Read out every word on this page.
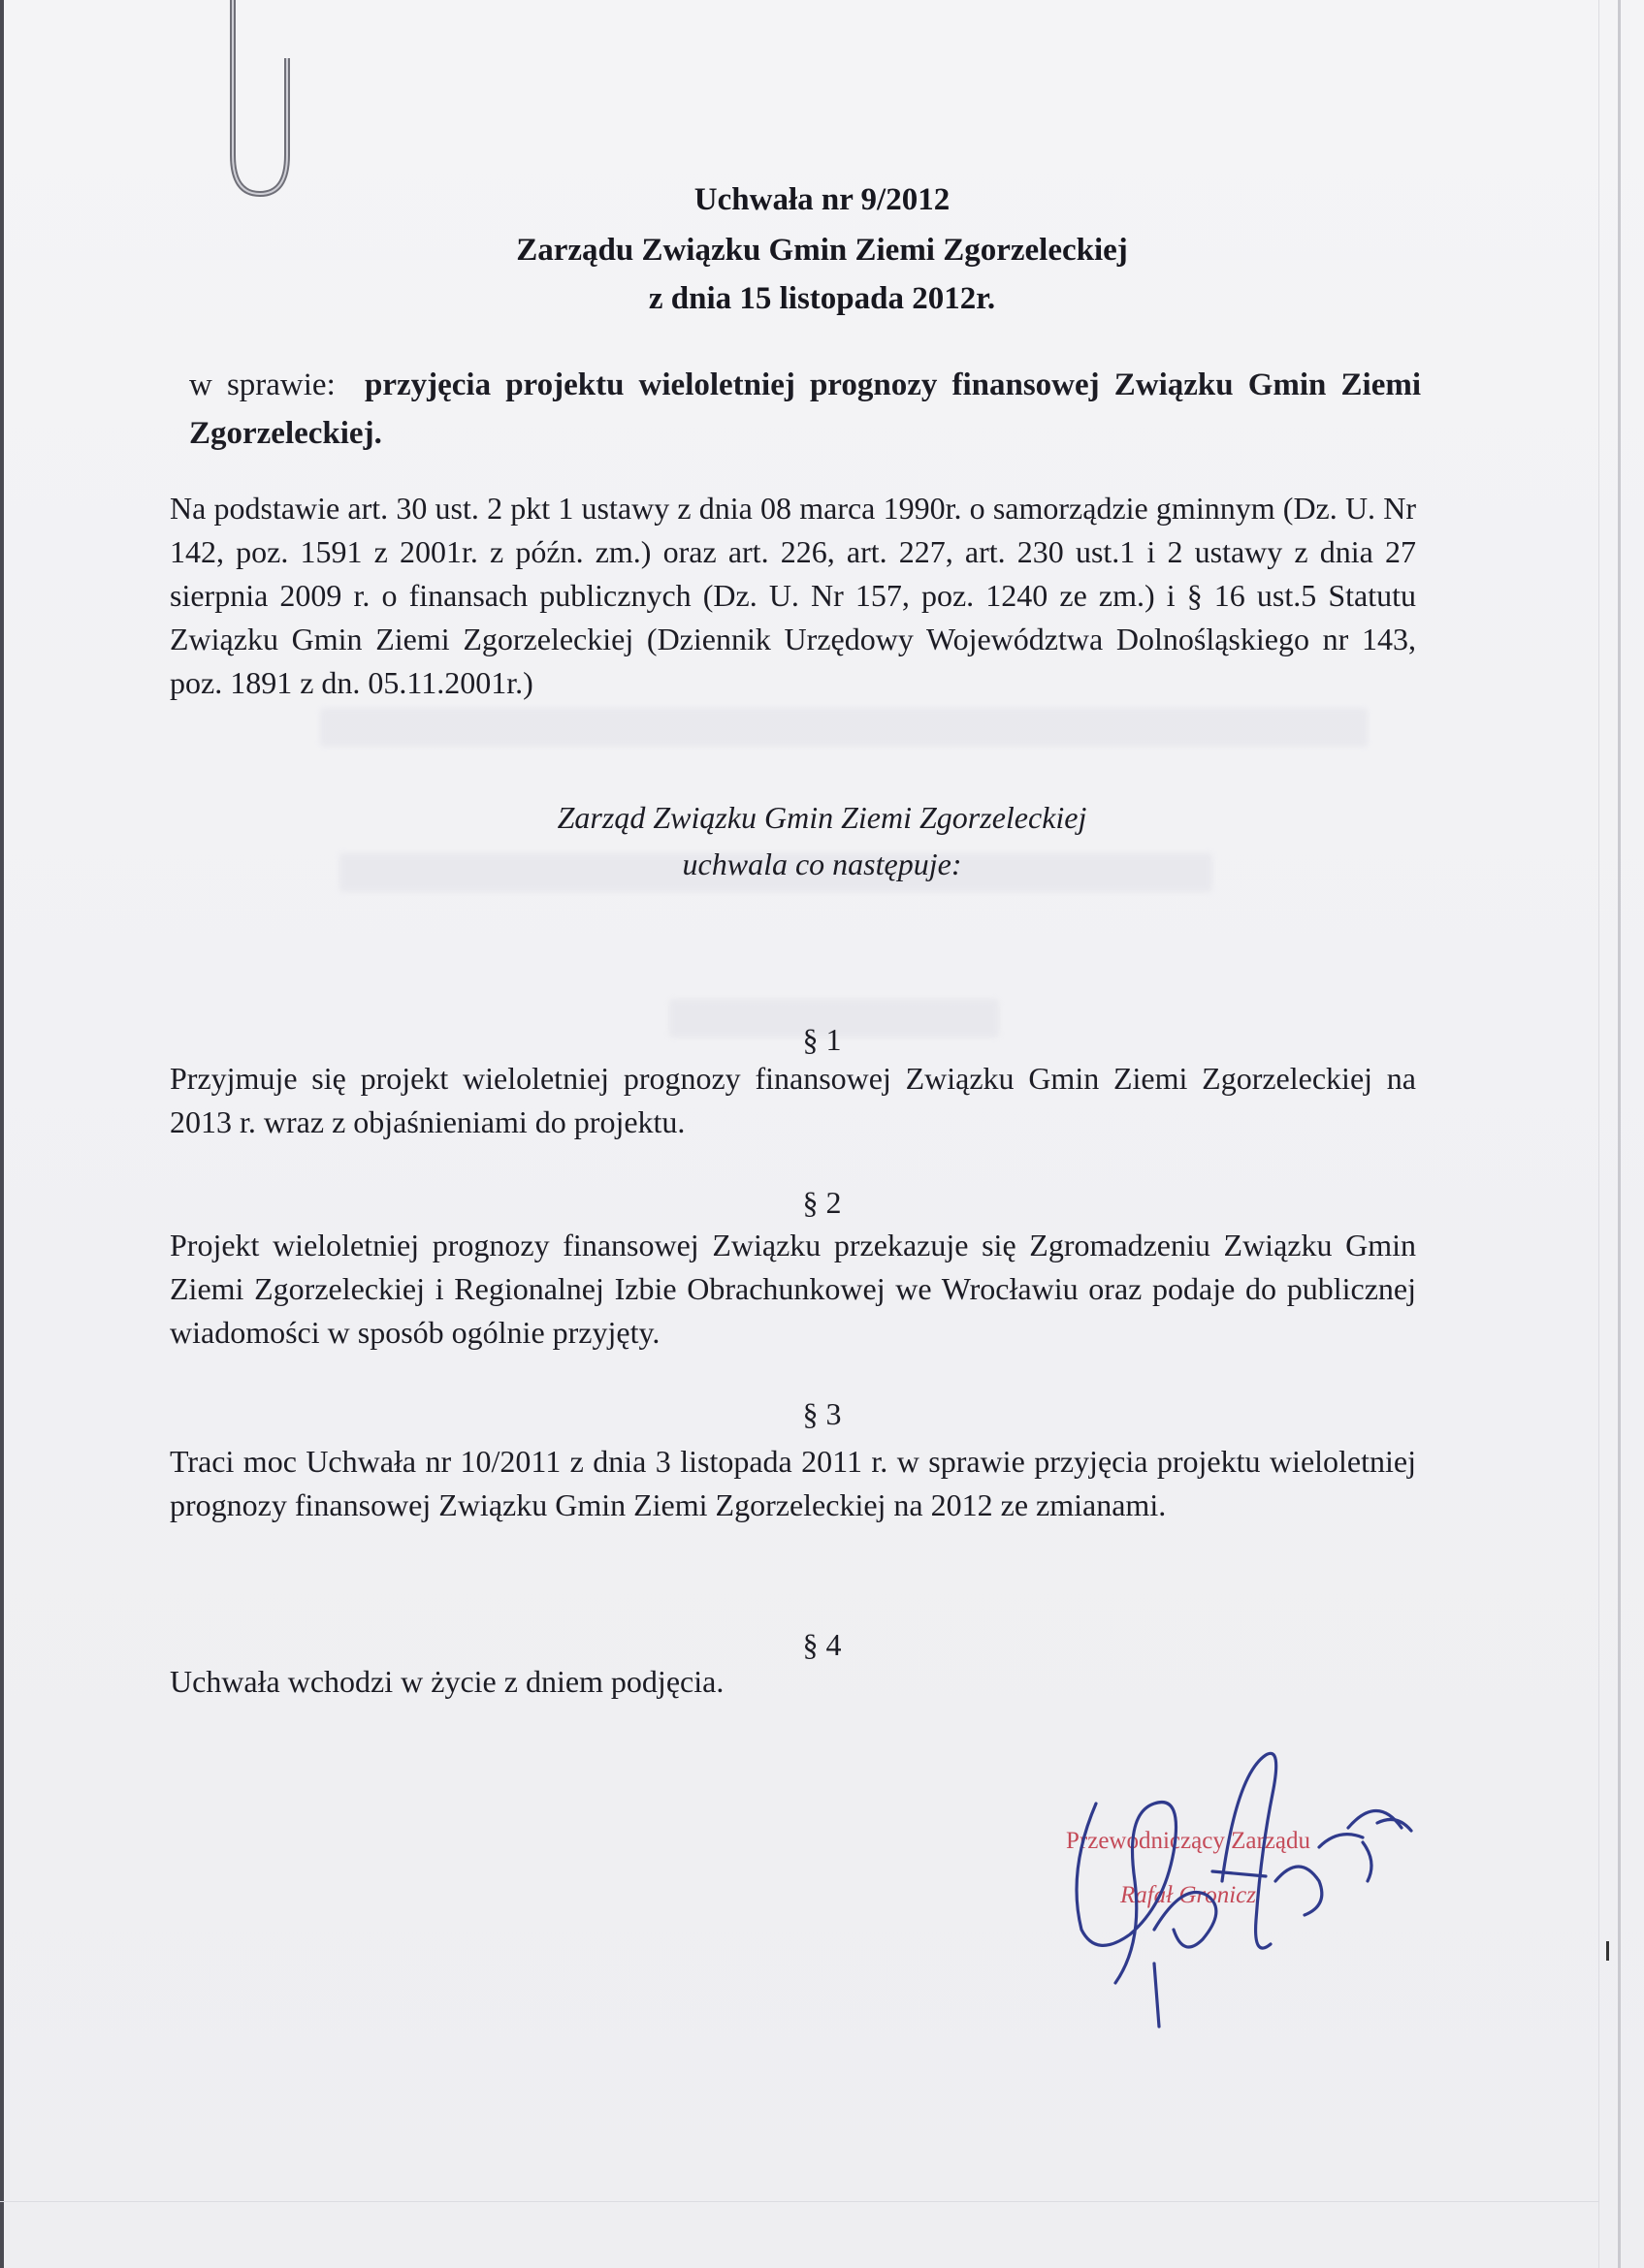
Uchwała nr 9/2012
Zarządu Związku Gmin Ziemi Zgorzeleckiej
z dnia 15 listopada 2012r.
w sprawie: przyjęcia projektu wieloletniej prognozy finansowej Związku Gmin Ziemi Zgorzeleckiej.
Na podstawie art. 30 ust. 2 pkt 1 ustawy z dnia 08 marca 1990r. o samorządzie gminnym (Dz. U. Nr 142, poz. 1591 z 2001r. z późn. zm.) oraz art. 226, art. 227, art. 230 ust.1 i 2 ustawy z dnia 27 sierpnia 2009 r. o finansach publicznych (Dz. U. Nr 157, poz. 1240 ze zm.) i § 16 ust.5 Statutu Związku Gmin Ziemi Zgorzeleckiej (Dziennik Urzędowy Województwa Dolnośląskiego nr 143, poz. 1891 z dn. 05.11.2001r.)
Zarząd Związku Gmin Ziemi Zgorzeleckiej
uchwala co następuje:
§ 1
Przyjmuje się projekt wieloletniej prognozy finansowej Związku Gmin Ziemi Zgorzeleckiej na 2013 r. wraz z objaśnieniami do projektu.
§ 2
Projekt wieloletniej prognozy finansowej Związku przekazuje się Zgromadzeniu Związku Gmin Ziemi Zgorzeleckiej i Regionalnej Izbie Obrachunkowej we Wrocławiu oraz podaje do publicznej wiadomości w sposób ogólnie przyjęty.
§ 3
Traci moc Uchwała nr 10/2011 z dnia 3 listopada 2011 r. w sprawie przyjęcia projektu wieloletniej prognozy finansowej Związku Gmin Ziemi Zgorzeleckiej na 2012 ze zmianami.
§ 4
Uchwała wchodzi w życie z dniem podjęcia.
Przewodniczący Zarządu
Rafał Gronicz
